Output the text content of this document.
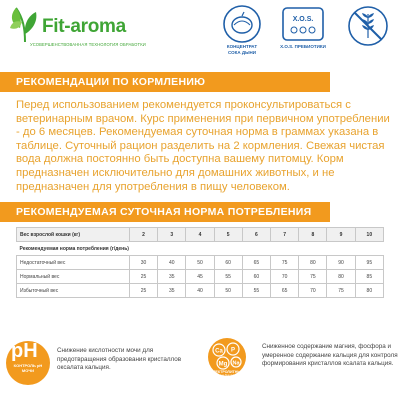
Fit-aroma
УСОВЕРШЕНСТВОВАННАЯ ТЕХНОЛОГИЯ ОБРАБОТКИ	КОНЦЕНТРАТ СОКА ДЫНИ
X.O.S.
X.O.S. ПРЕБИОТИКИ
РЕКОМЕНДАЦИИ ПО КОРМЛЕНИЮ
Перед использованием рекомендуется проконсультироваться с ветеринарным врачом. Курс применения при первичном употреблении - до 6 месяцев. Рекомендуемая суточная норма в граммах указана в таблице. Суточный рацион разделить на 2 кормления. Свежая чистая вода должна постоянно быть доступна вашему питомцу. Корм предназначен исключительно для домашних животных, и не предназначен для употребления в пищу человеком.
РЕКОМЕНДУЕМАЯ СУТОЧНАЯ НОРМА ПОТРЕБЛЕНИЯ
Вес взрослой кошки (кг)	2	3	4	5	6	7	8	9	10
Рекомендуемая норма потребления (г/день)									
Недостаточный вес	30	40	50	60	65	75	80	90	95
Нормальный вес	25	35	45	55	60	70	75	80	85
Избыточный вес	25	35	40	50	55	65	70	75	80
pH
КОНТРОЛЬ pH МОЧИ
Снижение кислотности мочи для предотвращения образования кристаллов оксалата кальция.
Ca P
Mg Na
ЭЛЕКТРОЛИТНЫЙ БАЛАНС
Сниженное содержание магния, фосфора и умеренное содержание кальция для контроля формирования кристаллов ксалата кальция.
